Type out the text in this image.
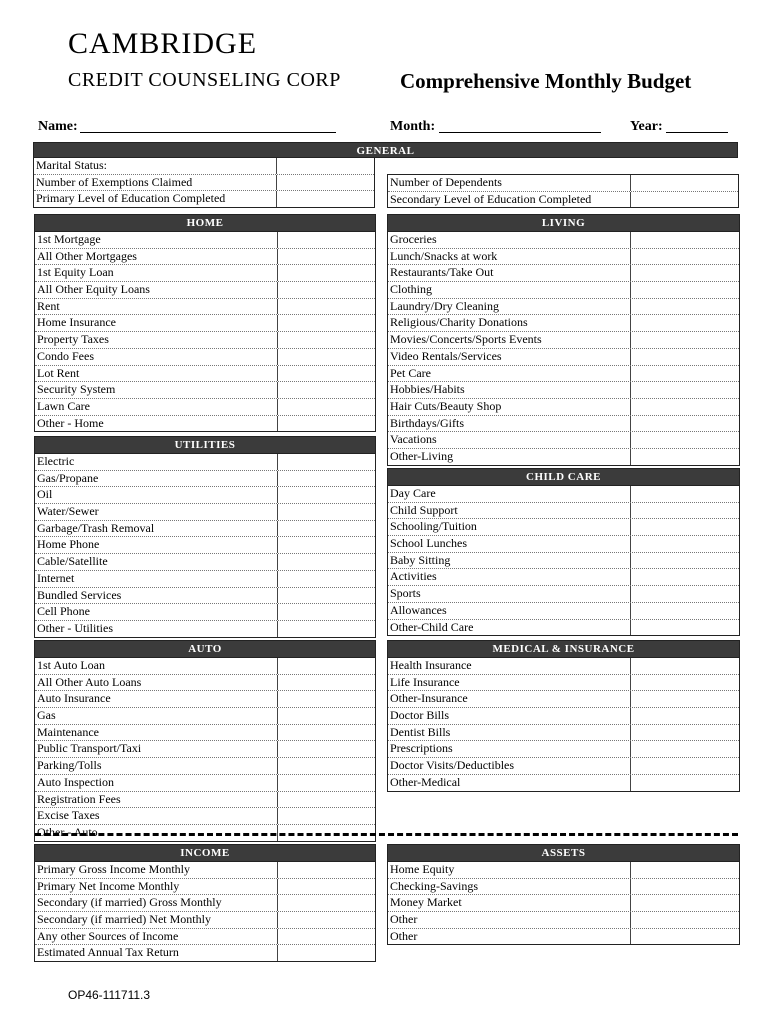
CAMBRIDGE
CREDIT COUNSELING CORP	Comprehensive Monthly Budget
Name:	Month:	Year:
GENERAL
Marital Status:
Number of Exemptions Claimed
Primary Level of Education Completed
Number of Dependents
Secondary Level of Education Completed
HOME
1st Mortgage
All Other Mortgages
1st Equity Loan
All Other Equity Loans
Rent
Home Insurance
Property Taxes
Condo Fees
Lot Rent
Security System
Lawn Care
Other - Home
UTILITIES
Electric
Gas/Propane
Oil
Water/Sewer
Garbage/Trash Removal
Home Phone
Cable/Satellite
Internet
Bundled Services
Cell Phone
Other - Utilities
AUTO
1st Auto Loan
All Other Auto Loans
Auto Insurance
Gas
Maintenance
Public Transport/Taxi
Parking/Tolls
Auto Inspection
Registration Fees
Excise Taxes
Other - Auto
LIVING
Groceries
Lunch/Snacks at work
Restaurants/Take Out
Clothing
Laundry/Dry Cleaning
Religious/Charity Donations
Movies/Concerts/Sports Events
Video Rentals/Services
Pet Care
Hobbies/Habits
Hair Cuts/Beauty Shop
Birthdays/Gifts
Vacations
Other-Living
CHILD CARE
Day Care
Child Support
Schooling/Tuition
School Lunches
Baby Sitting
Activities
Sports
Allowances
Other-Child Care
MEDICAL & INSURANCE
Health Insurance
Life Insurance
Other-Insurance
Doctor Bills
Dentist Bills
Prescriptions
Doctor Visits/Deductibles
Other-Medical
INCOME
Primary Gross Income Monthly
Primary Net Income Monthly
Secondary (if married) Gross Monthly
Secondary (if married) Net Monthly
Any other Sources of Income
Estimated Annual Tax Return
ASSETS
Home Equity
Checking-Savings
Money Market
Other
Other
OP46-111711.3
